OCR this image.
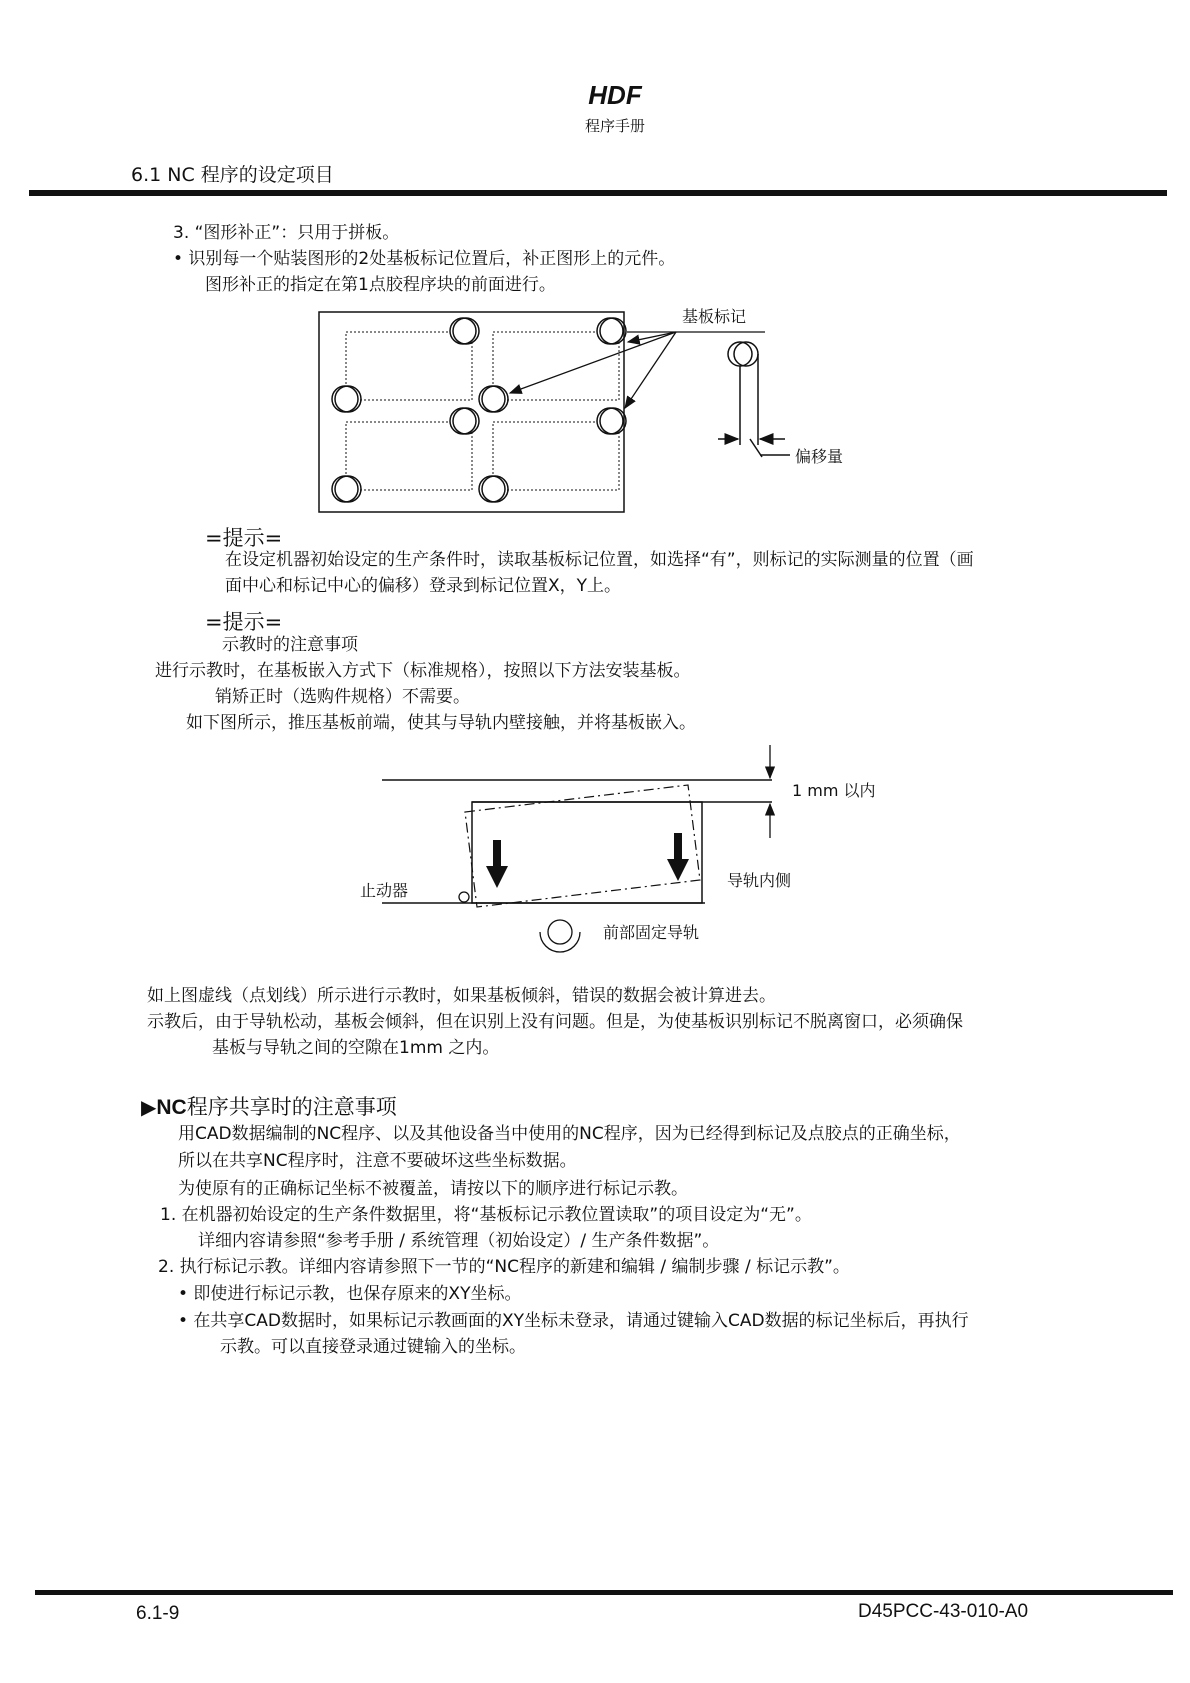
HDF
程序手册
6.1 NC 程序的设定项目
3. “图形补正”：只用于拼板。
• 识别每一个贴装图形的2处基板标记位置后，补正图形上的元件。
图形补正的指定在第1点胶程序块的前面进行。
基板标记
偏移量
=提示=
在设定机器初始设定的生产条件时，读取基板标记位置，如选择“有”，则标记的实际测量的位置（画
面中心和标记中心的偏移）登录到标记位置X，Y上。
=提示=
示教时的注意事项
进行示教时，在基板嵌入方式下（标准规格），按照以下方法安装基板。
销矫正时（选购件规格）不需要。
如下图所示，推压基板前端，使其与导轨内壁接触，并将基板嵌入。
1 mm 以内
止动器
导轨内侧
前部固定导轨
如上图虚线（点划线）所示进行示教时，如果基板倾斜，错误的数据会被计算进去。
示教后，由于导轨松动，基板会倾斜，但在识别上没有问题。但是，为使基板识别标记不脱离窗口，必须确保
基板与导轨之间的空隙在1mm 之内。
▶NC程序共享时的注意事项
用CAD数据编制的NC程序、以及其他设备当中使用的NC程序，因为已经得到标记及点胶点的正确坐标，
所以在共享NC程序时，注意不要破坏这些坐标数据。
为使原有的正确标记坐标不被覆盖，请按以下的顺序进行标记示教。
1. 在机器初始设定的生产条件数据里，将“基板标记示教位置读取”的项目设定为“无”。
详细内容请参照“参考手册 / 系统管理（初始设定）/ 生产条件数据”。
2. 执行标记示教。详细内容请参照下一节的“NC程序的新建和编辑 / 编制步骤 / 标记示教”。
• 即使进行标记示教，也保存原来的XY坐标。
• 在共享CAD数据时，如果标记示教画面的XY坐标未登录，请通过键输入CAD数据的标记坐标后，再执行
示教。可以直接登录通过键输入的坐标。
6.1-9	D45PCC-43-010-A0
